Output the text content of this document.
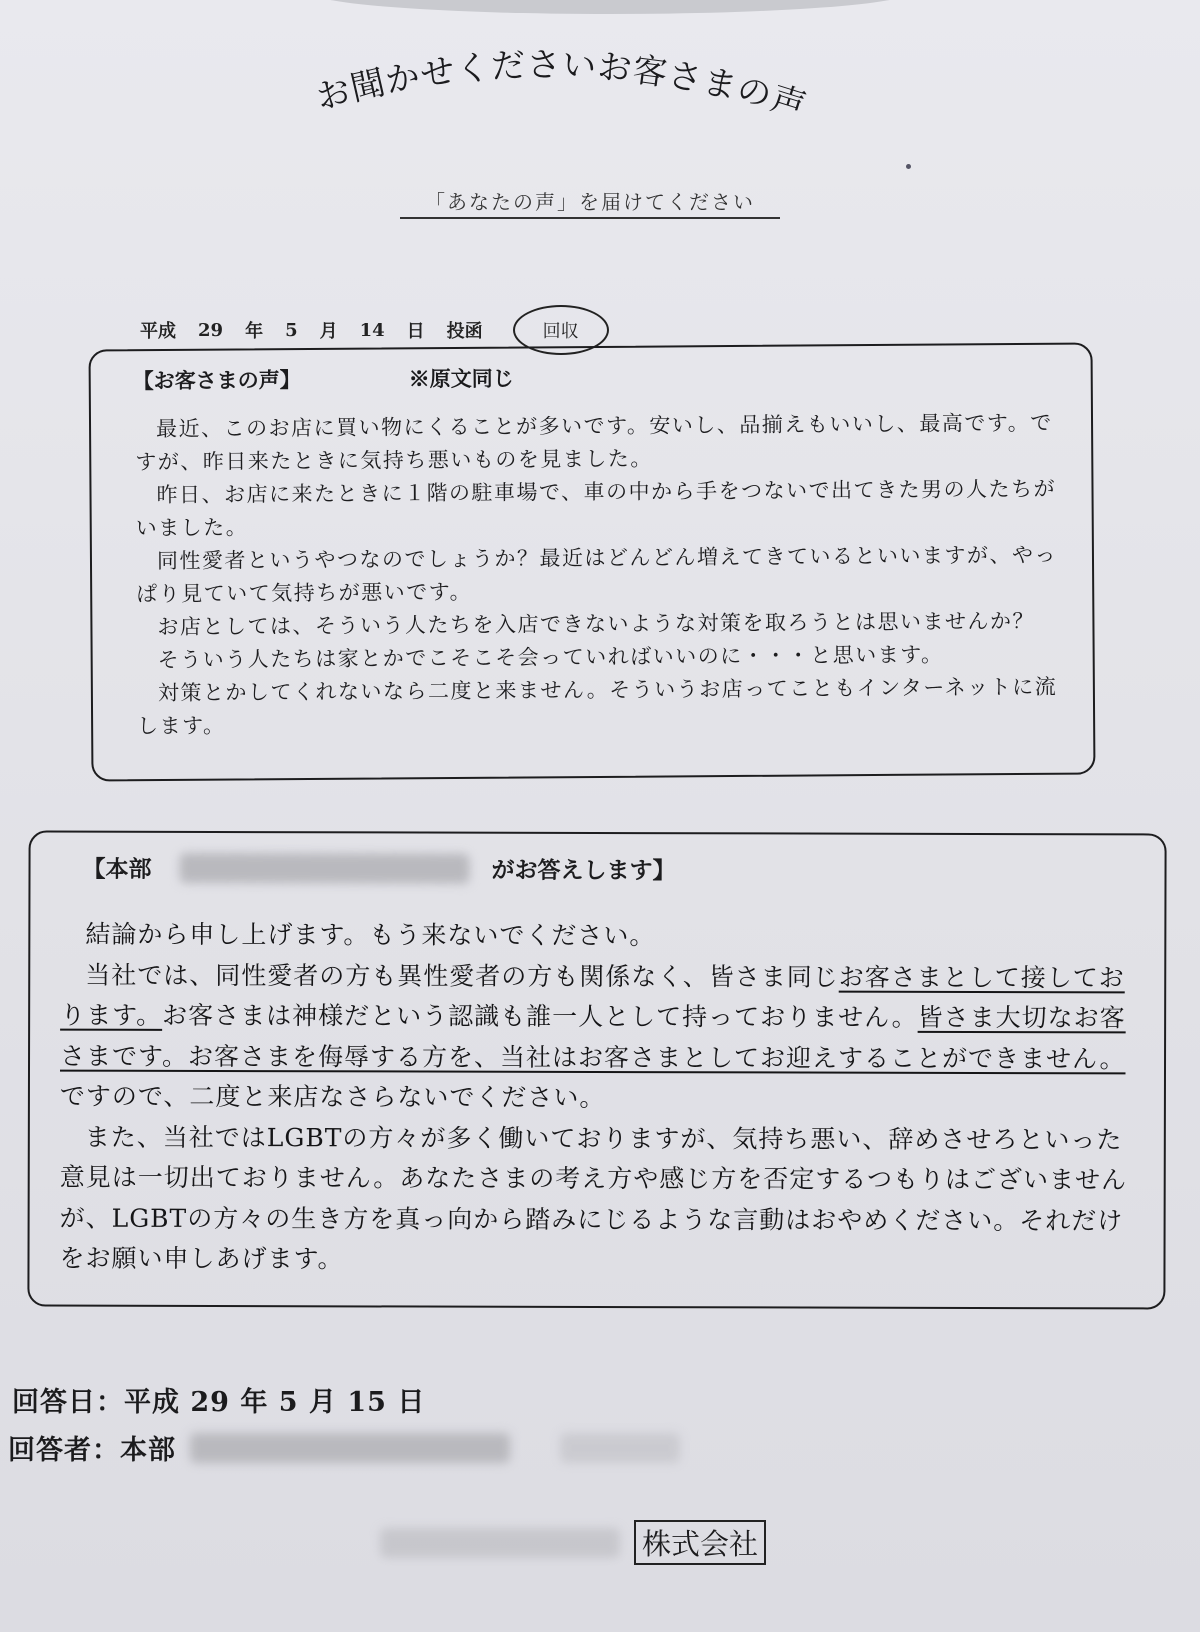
お聞かせくださいお客さまの声
「あなたの声」を届けてください
平成 29 年 5 月 14 日 投函	回収
【お客さまの声】	※原文同じ

最近、このお店に買い物にくることが多いです。安いし、品揃えもいいし、最高です。ですが、昨日来たときに気持ち悪いものを見ました。

昨日、お店に来たときに１階の駐車場で、車の中から手をつないで出てきた男の人たちがいました。

同性愛者というやつなのでしょうか？最近はどんどん増えてきているといいますが、やっぱり見ていて気持ちが悪いです。

お店としては、そういう人たちを入店できないような対策を取ろうとは思いませんか？

そういう人たちは家とかでこそこそ会っていればいいのに・・・と思います。

対策とかしてくれないなら二度と来ません。そういうお店ってこともインターネットに流します。

【本部	がお答えします】

結論から申し上げます。もう来ないでください。

当社では、同性愛者の方も異性愛者の方も関係なく、皆さま同じお客さまとして接しております。お客さまは神様だという認識も誰一人として持っておりません。皆さま大切なお客さまです。お客さまを侮辱する方を、当社はお客さまとしてお迎えすることができません。ですので、二度と来店なさらないでください。

また、当社ではLGBTの方々が多く働いておりますが、気持ち悪い、辞めさせろといった意見は一切出ておりません。あなたさまの考え方や感じ方を否定するつもりはございませんが、LGBTの方々の生き方を真っ向から踏みにじるような言動はおやめください。それだけをお願い申しあげます。

回答日：平成 29 年 5 月 15 日
回答者：本部
株式会社
